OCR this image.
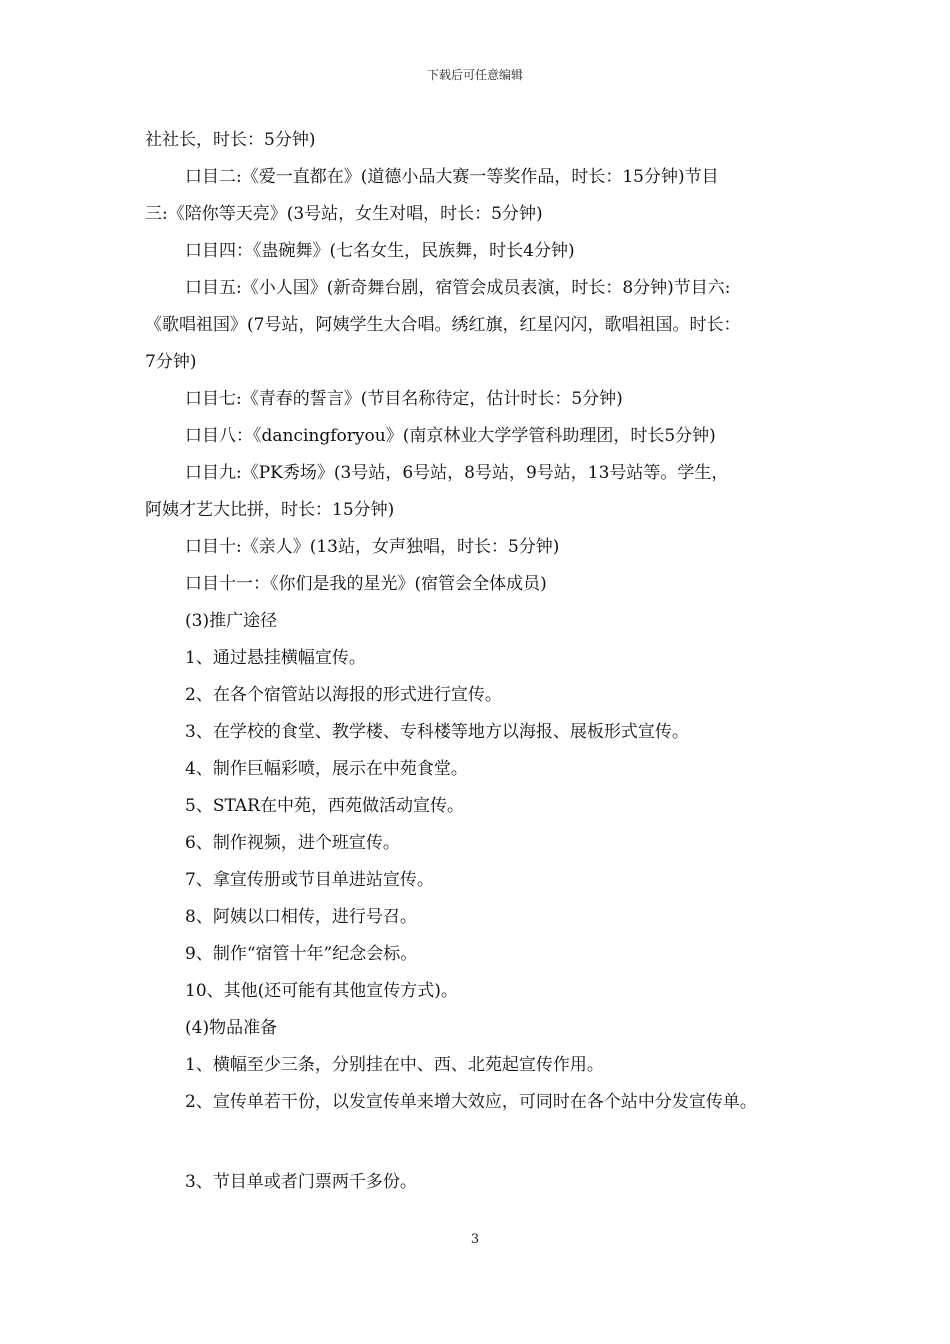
下载后可任意编辑
社社长，时长：5分钟)
口目二:《爱一直都在》(道德小品大赛一等奖作品，时长：15分钟)节目
三:《陪你等天亮》(3号站，女生对唱，时长：5分钟)
口目四：《蛊碗舞》(七名女生，民族舞，时长4分钟)
口目五:《小人国》(新奇舞台剧，宿管会成员表演，时长：8分钟)节目六:
《歌唱祖国》(7号站，阿姨学生大合唱。绣红旗，红星闪闪，歌唱祖国。时长：
7分钟)
口目七:《青春的誓言》(节目名称待定，估计时长：5分钟)
口目八：《dancingforyou》(南京林业大学学管科助理团，时长5分钟)
口目九:《PK秀场》(3号站，6号站，8号站，9号站，13号站等。学生，
阿姨才艺大比拼，时长：15分钟)
口目十:《亲人》(13站，女声独唱，时长：5分钟)
口目十一：《你们是我的星光》(宿管会全体成员)
(3)推广途径
1、通过悬挂横幅宣传。
2、在各个宿管站以海报的形式进行宣传。
3、在学校的食堂、教学楼、专科楼等地方以海报、展板形式宣传。
4、制作巨幅彩喷，展示在中苑食堂。
5、STAR在中苑，西苑做活动宣传。
6、制作视频，进个班宣传。
7、拿宣传册或节目单进站宣传。
8、阿姨以口相传，进行号召。
9、制作“宿管十年”纪念会标。
10、其他(还可能有其他宣传方式)。
(4)物品准备
1、横幅至少三条，分别挂在中、西、北苑起宣传作用。
2、宣传单若干份，以发宣传单来增大效应，可同时在各个站中分发宣传单。
3、节目单或者门票两千多份。
3
